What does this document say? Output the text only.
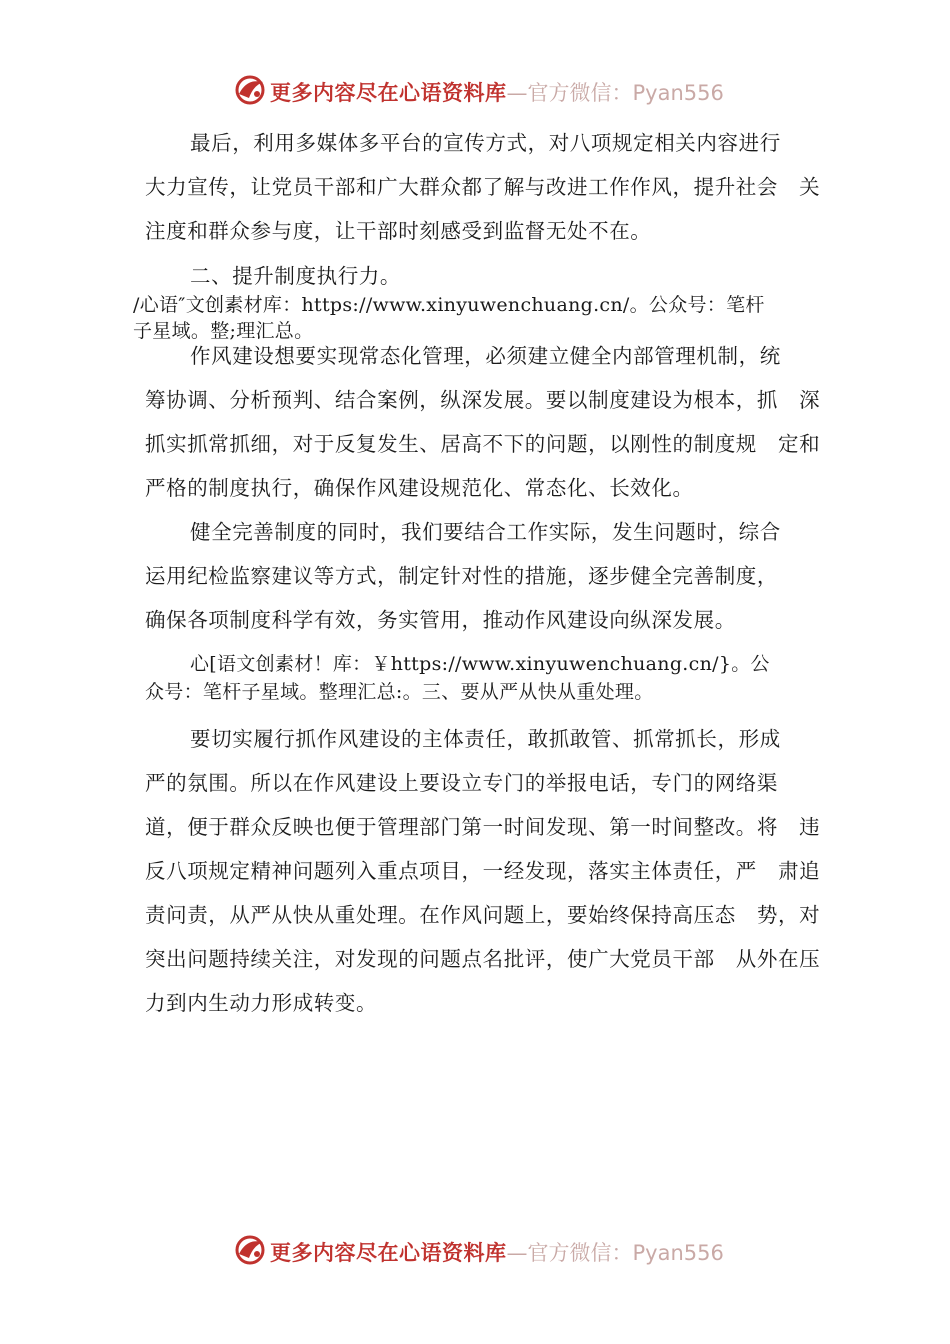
更多内容尽在心语资料库—官方微信：Pyan556

最后，利用多媒体多平台的宣传方式，对八项规定相关内容进行

大力宣传，让党员干部和广大群众都了解与改进工作作风，提升社会　关

注度和群众参与度，让干部时刻感受到监督无处不在。

二、提升制度执行力。

/心语″文创素材库：https://www.xinyuwenchuang.cn/。公众号：笔杆

子星域。整;理汇总。

作风建设想要实现常态化管理，必须建立健全内部管理机制，统

筹协调、分析预判、结合案例，纵深发展。要以制度建设为根本，抓　深

抓实抓常抓细，对于反复发生、居高不下的问题，以刚性的制度规　定和

严格的制度执行，确保作风建设规范化、常态化、长效化。

健全完善制度的同时，我们要结合工作实际，发生问题时，综合

运用纪检监察建议等方式，制定针对性的措施，逐步健全完善制度，

确保各项制度科学有效，务实管用，推动作风建设向纵深发展。

心[语文创素材！库：￥https://www.xinyuwenchuang.cn/}。公

众号：笔杆子星域。整理汇总:。三、要从严从快从重处理。

要切实履行抓作风建设的主体责任，敢抓敢管、抓常抓长，形成

严的氛围。所以在作风建设上要设立专门的举报电话，专门的网络渠

道，便于群众反映也便于管理部门第一时间发现、第一时间整改。将　违

反八项规定精神问题列入重点项目，一经发现，落实主体责任，严　肃追

责问责，从严从快从重处理。在作风问题上，要始终保持高压态　势，对

突出问题持续关注，对发现的问题点名批评，使广大党员干部　从外在压

力到内生动力形成转变。

更多内容尽在心语资料库—官方微信：Pyan556
